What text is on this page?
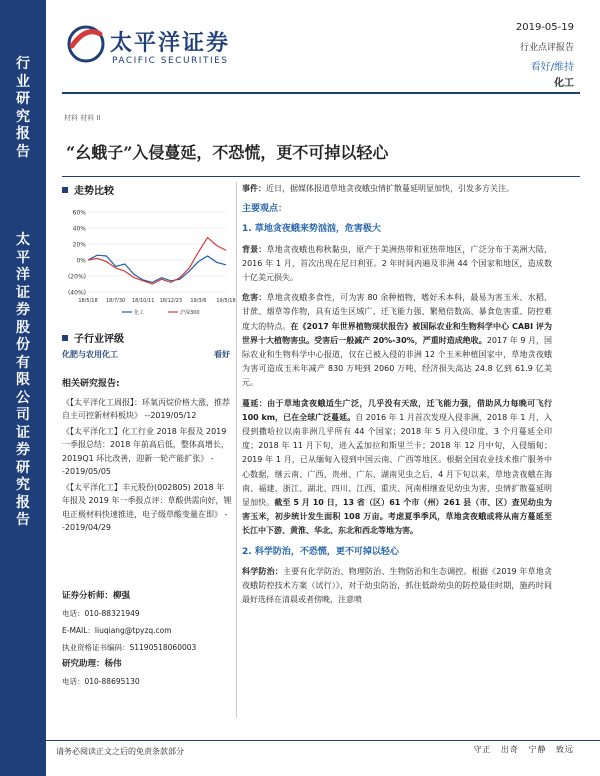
行
业
研
究
报
告
太
平
洋
证
券
股
份
有
限
公
司
证
券
研
究
报
告
太平洋证券
PACIFIC SECURITIES
2019-05-19
行业点评报告
看好/维持
化工
材料 材料 II
“幺蛾子”入侵蔓延，不恐慌，更不可掉以轻心
走势比较
60%
40%
20%
0%
(20%)
(40%)
18/5/18 18/7/30 18/10/11 18/12/23 19/3/6 19/5/18
化工	沪深300
子行业评级
化肥与农用化工	看好
相关研究报告:

《【太平洋化工周报】：环氧丙烷价格大涨，推荐自主可控新材料板块》 --2019/05/12

《【太平洋化工】化工行业 2018 年报及 2019 一季报总结：2018 年前高后低，整体高增长，2019Q1 环比改善，迎新一轮产能扩张》 --2019/05/05

《【太平洋化工】丰元股份(002805) 2018 年年报及 2019 年一季报点评：草酸供需向好，锂电正极材料快速推进，电子级草酸变量在即》 --2019/04/29

证券分析师：柳强
电话：010-88321949
E-MAIL：liuqiang@tpyzq.com
执业资格证书编码：S1190518060003
研究助理：杨伟
电话：010-88695130

事件：近日，据媒体报道草地贪夜蛾虫情扩散蔓延明显加快，引发多方关注。

主要观点：
1. 草地贪夜蛾来势汹汹，危害极大

背景：草地贪夜蛾也称秋黏虫，原产于美洲热带和亚热带地区，广泛分布于美洲大陆，2016 年 1 月，首次出现在尼日利亚。2 年时间内遍及非洲 44 个国家和地区，造成数十亿美元损失。

危害：草地贪夜蛾多食性，可为害 80 余种植物，嗜好禾本科，最易为害玉米、水稻、甘蔗、烟草等作物，具有适生区域广、迁飞能力强、繁殖倍数高、暴食危害重、防控难度大的特点。在《2017 年世界植物现状报告》被国际农业和生物科学中心 CABI 评为世界十大植物害虫。受害后一般减产 20%-30%，严重时造成绝收。2017 年 9 月，国际农业和生物科学中心报道，仅在已被入侵的非洲 12 个玉米种植国家中，草地贪夜蛾为害可造成玉米年减产 830 万吨到 2060 万吨，经济损失高达 24.8 亿到 61.9 亿美元。

蔓延：由于草地贪夜蛾适生广泛，几乎没有天敌，迁飞能力强，借助风力每晚可飞行 100 km，已在全球广泛蔓延。自 2016 年 1 月首次发现入侵非洲，2018 年 1 月，入侵到撒哈拉以南非洲几乎所有 44 个国家；2018 年 5 月入侵印度，3 个月蔓延全印度；2018 年 11 月下旬，进入孟加拉和斯里兰卡；2018 年 12 月中旬，入侵缅甸；2019 年 1 月，已从缅甸入侵到中国云南、广西等地区。根据全国农业技术推广服务中心数据，继云南、广西、贵州、广东、湖南见虫之后，4 月下旬以来，草地贪夜蛾在海南、福建、浙江、湖北、四川、江西、重庆、河南相继查见幼虫为害，虫情扩散蔓延明显加快。截至 5 月 10 日，13 省（区）61 个市（州）261 县（市、区）查见幼虫为害玉米，初步统计发生面积 108 万亩。考虑夏季季风，草地贪夜蛾或将从南方蔓延至长江中下游、黄淮、华北、东北和西北等地为害。

2. 科学防治，不恐慌，更不可掉以轻心

科学防治：主要有化学防治、物理防治、生物防治和生态调控。根据《2019 年草地贪夜蛾防控技术方案（试行）》，对于幼虫防治，抓住低龄幼虫的防控最佳时期，施药时间最好选择在清晨或者傍晚，注意喷

请务必阅读正文之后的免责条款部分	守正 出奇 宁静 致远
